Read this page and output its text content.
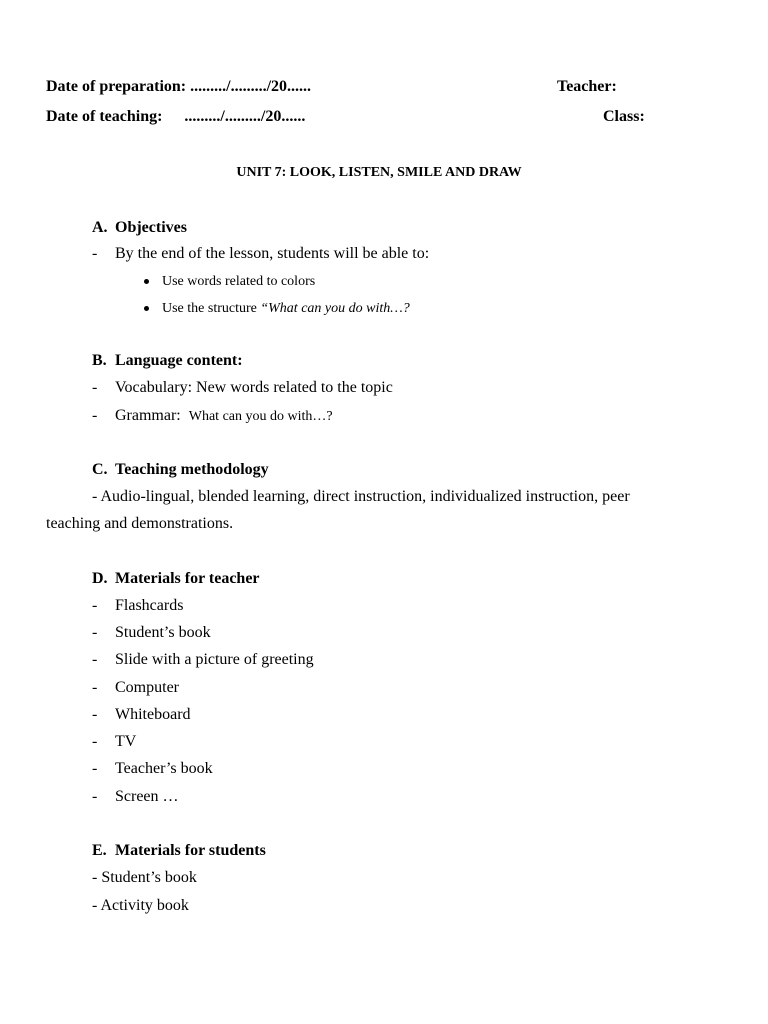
Date of preparation: ........./........./20......	Teacher:
Date of teaching: ........./........./20......	Class:
UNIT 7: LOOK, LISTEN, SMILE AND DRAW
A. Objectives
- By the end of the lesson, students will be able to:
Use words related to colors
Use the structure “What can you do with…?
B. Language content:
- Vocabulary: New words related to the topic
- Grammar: What can you do with…?
C. Teaching methodology
- Audio-lingual, blended learning, direct instruction, individualized instruction, peer
teaching and demonstrations.
D. Materials for teacher
- Flashcards
- Student’s book
- Slide with a picture of greeting
- Computer
- Whiteboard
- TV
- Teacher’s book
- Screen …
E. Materials for students
- Student’s book
- Activity book
